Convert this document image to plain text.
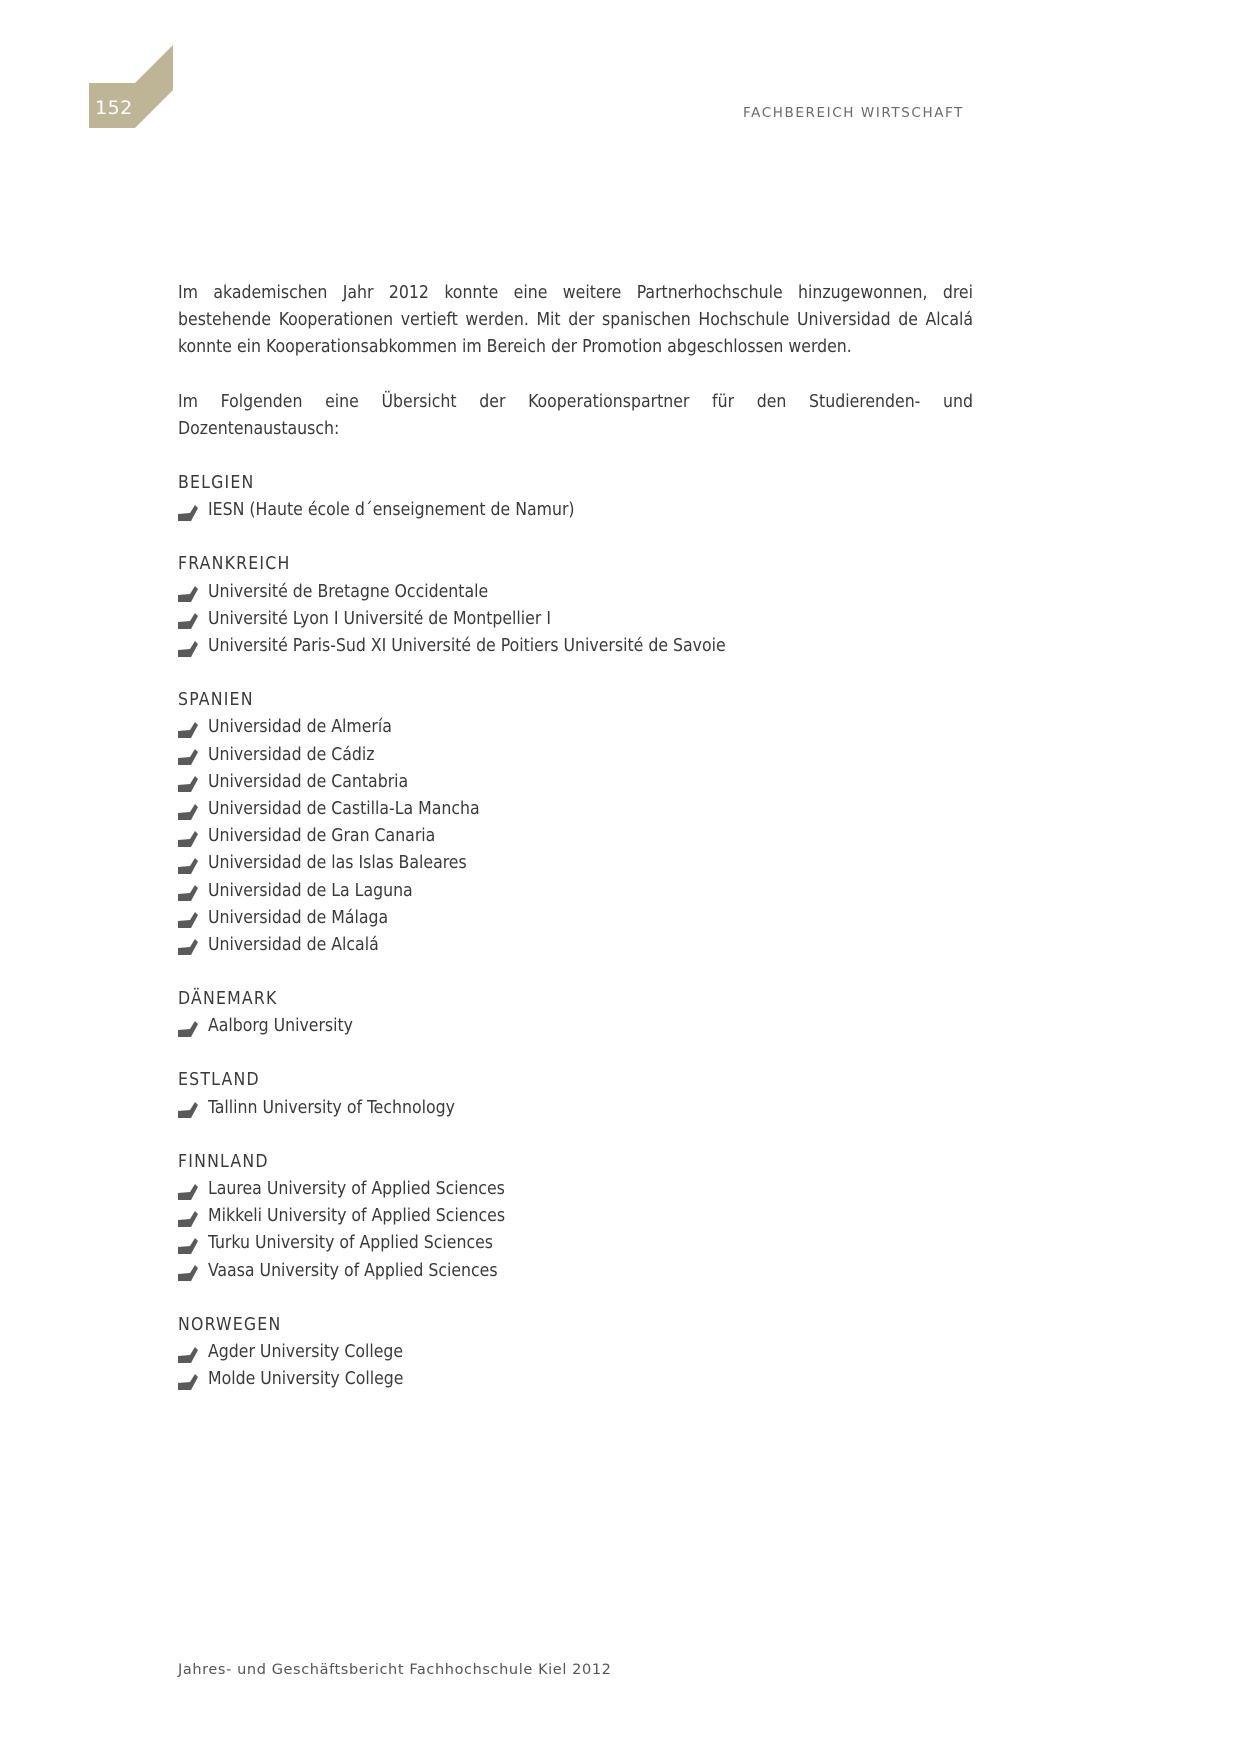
152	FACHBEREICH WIRTSCHAFT

Im akademischen Jahr 2012 konnte eine weitere Partnerhochschule hinzugewonnen, drei bestehende Kooperationen vertieft werden. Mit der spanischen Hochschule Universidad de Alcalá konnte ein Kooperationsabkommen im Bereich der Promotion abgeschlossen werden.

Im Folgenden eine Übersicht der Kooperationspartner für den Studierenden- und Dozentenaustausch:

BELGIEN
IESN (Haute école d´enseignement de Namur)
FRANKREICH
Université de Bretagne Occidentale
Université Lyon I Université de Montpellier I
Université Paris-Sud XI Université de Poitiers Université de Savoie
SPANIEN
Universidad de Almería
Universidad de Cádiz
Universidad de Cantabria
Universidad de Castilla-La Mancha
Universidad de Gran Canaria
Universidad de las Islas Baleares
Universidad de La Laguna
Universidad de Málaga
Universidad de Alcalá
DÄNEMARK
Aalborg University
ESTLAND
Tallinn University of Technology
FINNLAND
Laurea University of Applied Sciences
Mikkeli University of Applied Sciences
Turku University of Applied Sciences
Vaasa University of Applied Sciences
NORWEGEN
Agder University College
Molde University College
Jahres- und Geschäftsbericht Fachhochschule Kiel 2012
